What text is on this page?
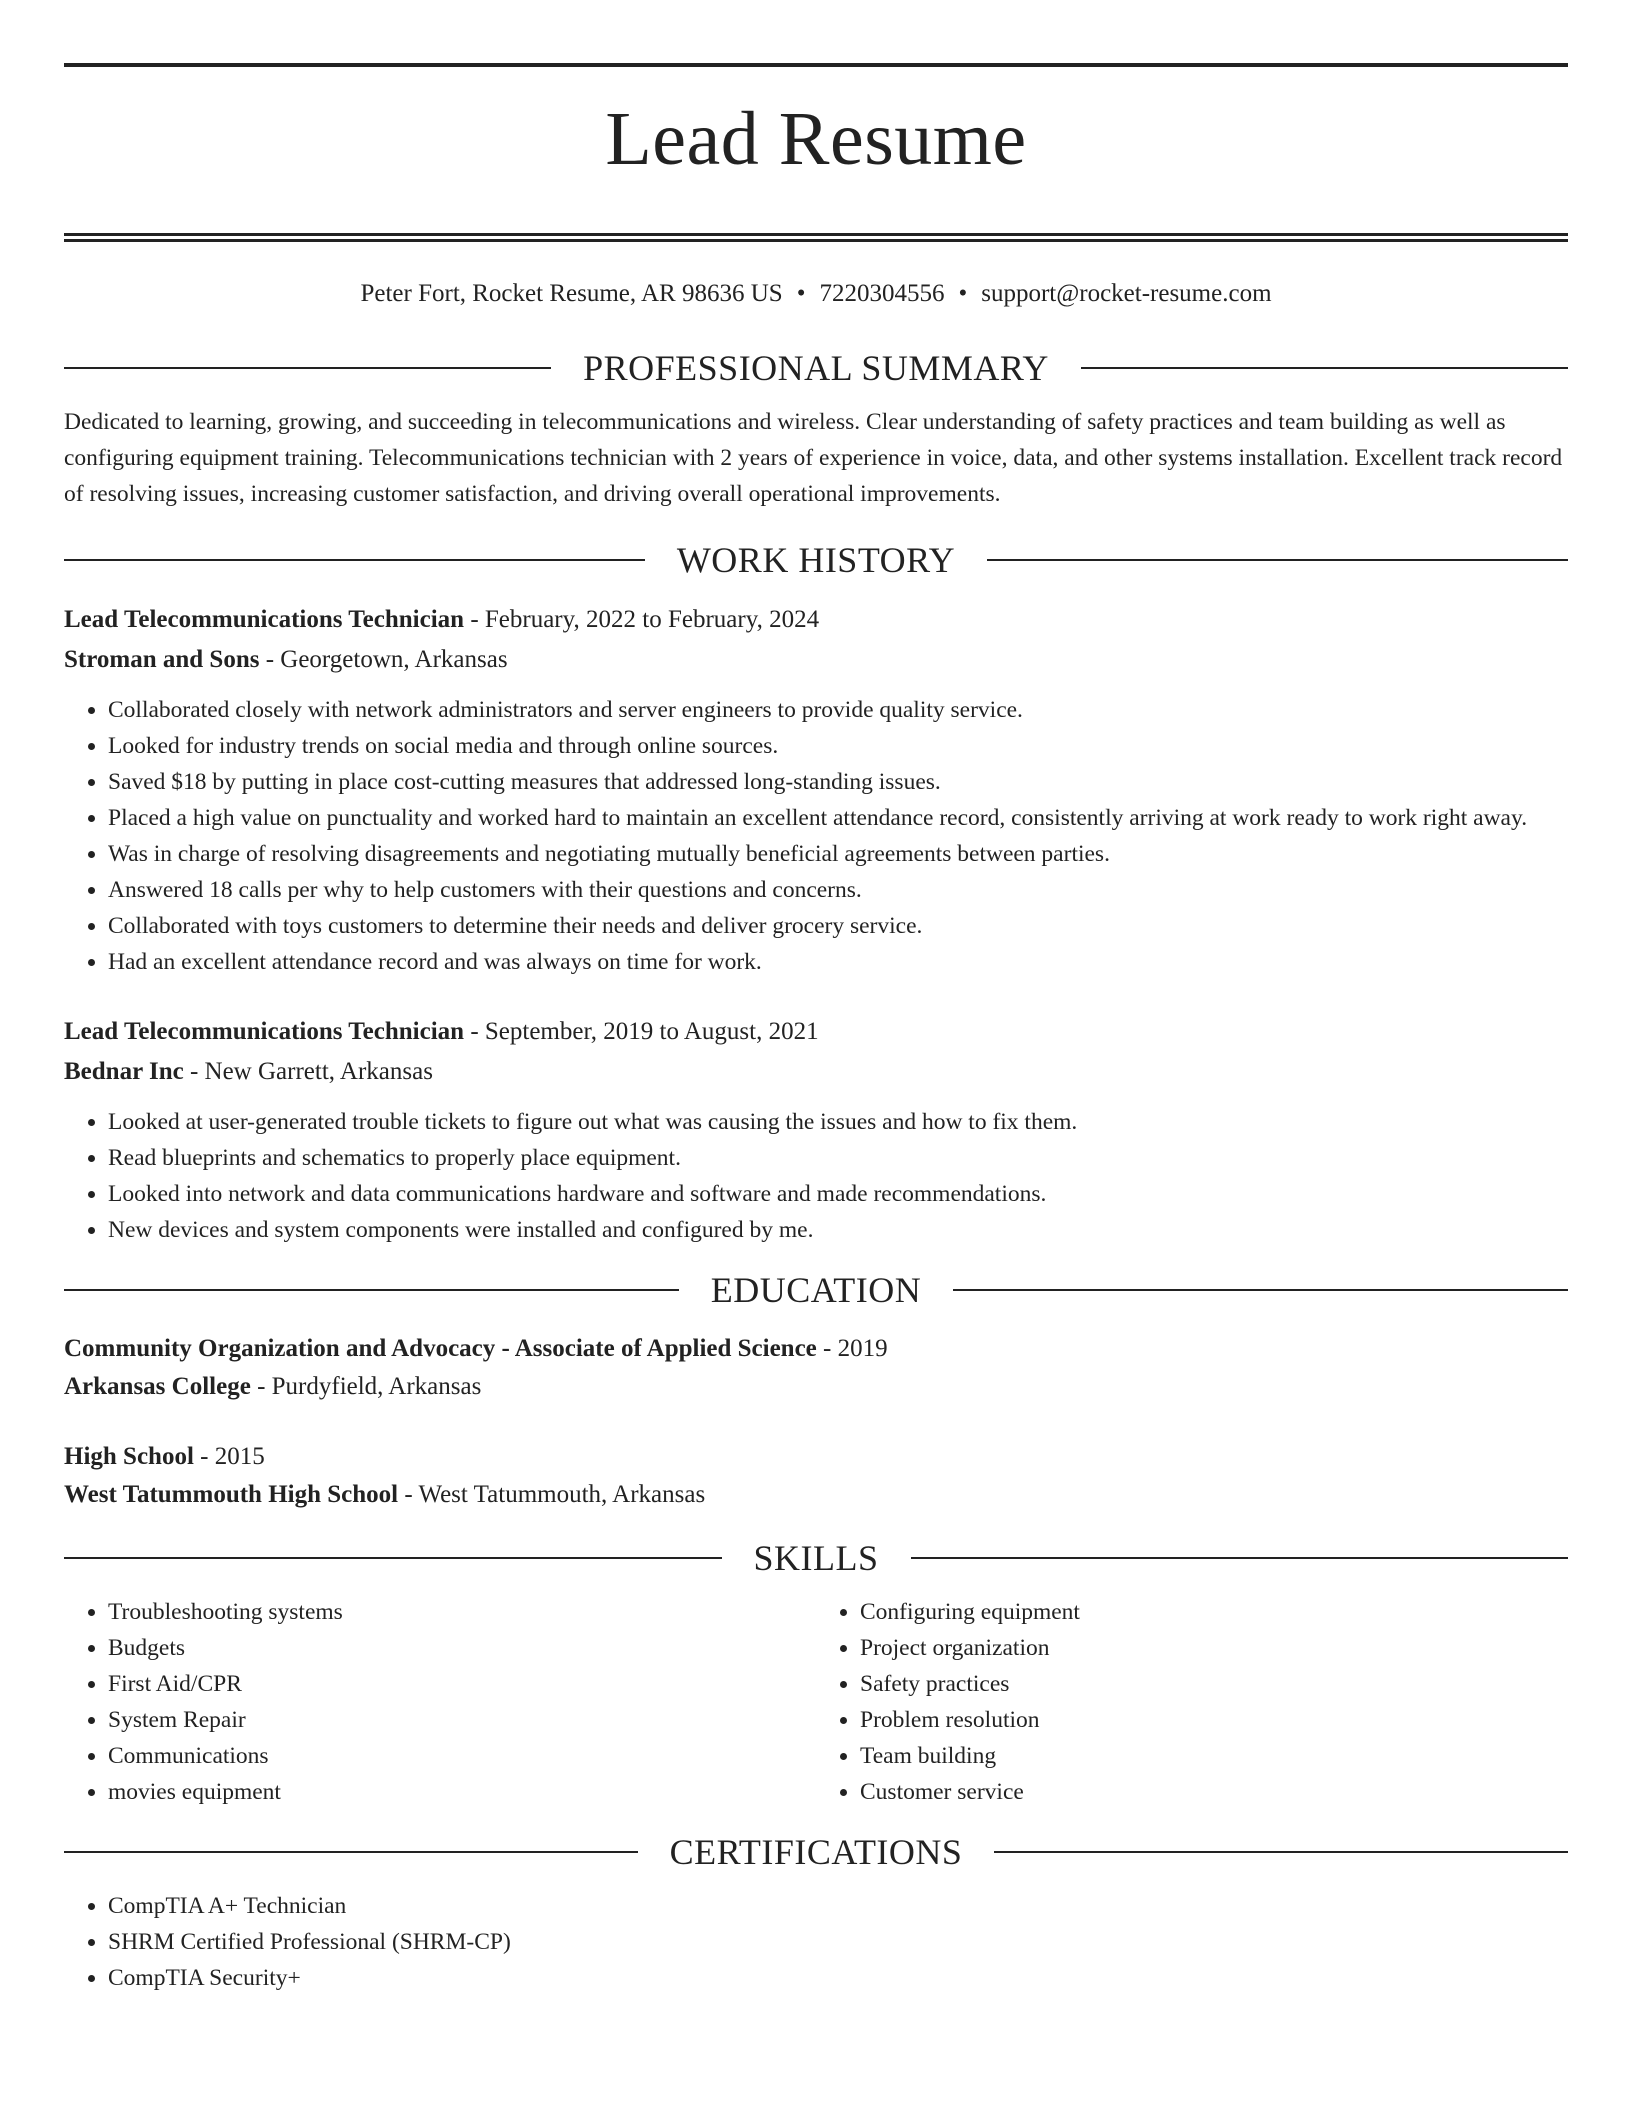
Lead Resume
Peter Fort, Rocket Resume, AR 98636 US • 7220304556 • support@rocket-resume.com
PROFESSIONAL SUMMARY
Dedicated to learning, growing, and succeeding in telecommunications and wireless. Clear understanding of safety practices and team building as well as configuring equipment training. Telecommunications technician with 2 years of experience in voice, data, and other systems installation. Excellent track record of resolving issues, increasing customer satisfaction, and driving overall operational improvements.
WORK HISTORY
Lead Telecommunications Technician - February, 2022 to February, 2024
Stroman and Sons - Georgetown, Arkansas
• Collaborated closely with network administrators and server engineers to provide quality service.
• Looked for industry trends on social media and through online sources.
• Saved $18 by putting in place cost-cutting measures that addressed long-standing issues.
• Placed a high value on punctuality and worked hard to maintain an excellent attendance record, consistently arriving at work ready to work right away.
• Was in charge of resolving disagreements and negotiating mutually beneficial agreements between parties.
• Answered 18 calls per why to help customers with their questions and concerns.
• Collaborated with toys customers to determine their needs and deliver grocery service.
• Had an excellent attendance record and was always on time for work.
Lead Telecommunications Technician - September, 2019 to August, 2021
Bednar Inc - New Garrett, Arkansas
• Looked at user-generated trouble tickets to figure out what was causing the issues and how to fix them.
• Read blueprints and schematics to properly place equipment.
• Looked into network and data communications hardware and software and made recommendations.
• New devices and system components were installed and configured by me.
EDUCATION
Community Organization and Advocacy - Associate of Applied Science - 2019
Arkansas College - Purdyfield, Arkansas
High School - 2015
West Tatummouth High School - West Tatummouth, Arkansas
SKILLS
• Troubleshooting systems
• Budgets
• First Aid/CPR
• System Repair
• Communications
• movies equipment
• Configuring equipment
• Project organization
• Safety practices
• Problem resolution
• Team building
• Customer service
CERTIFICATIONS
• CompTIA A+ Technician
• SHRM Certified Professional (SHRM-CP)
• CompTIA Security+
